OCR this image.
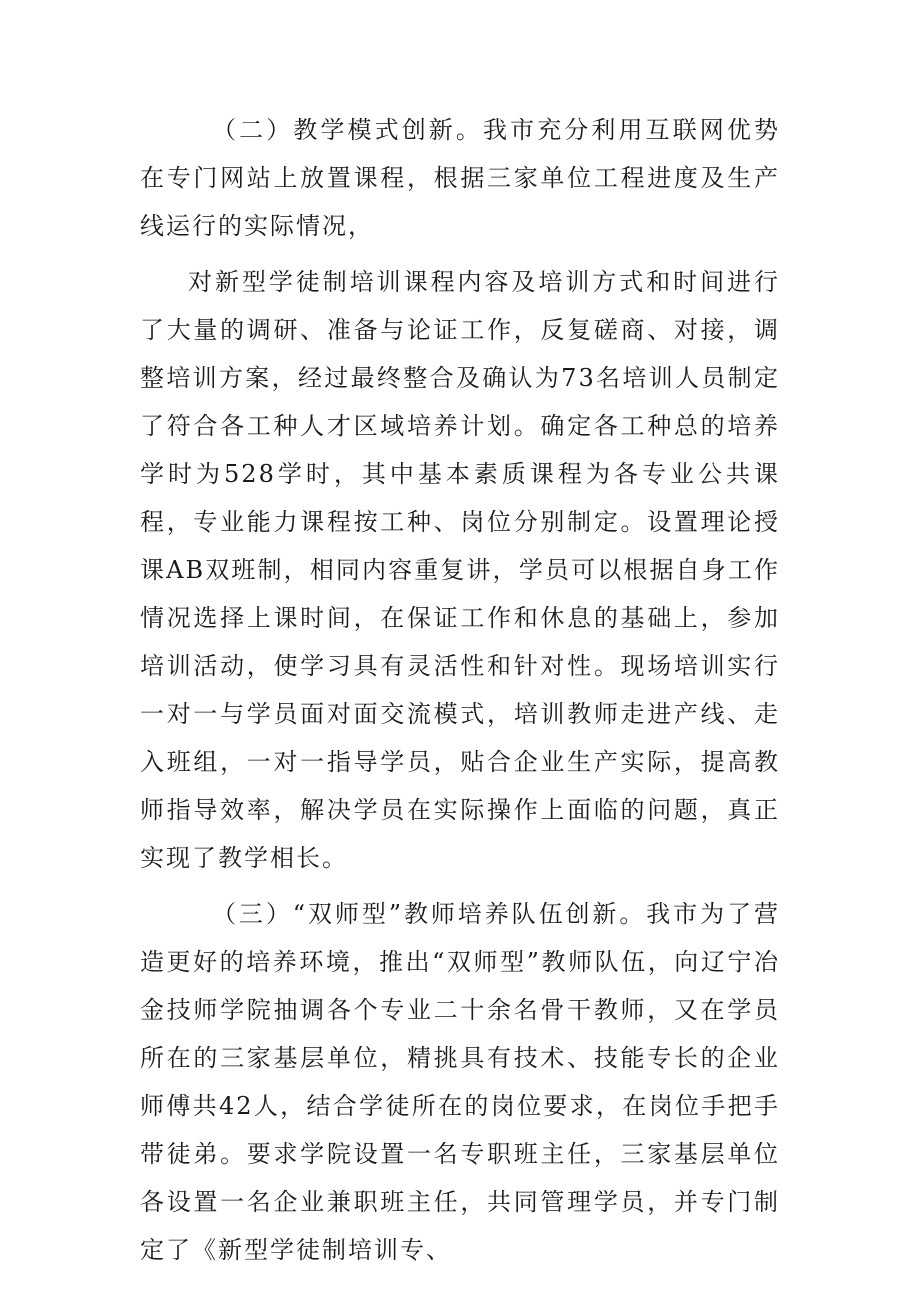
（二）教学模式创新。我市充分利用互联网优势在专门网站上放置课程，根据三家单位工程进度及生产线运行的实际情况，

对新型学徒制培训课程内容及培训方式和时间进行了大量的调研、准备与论证工作，反复磋商、对接，调整培训方案，经过最终整合及确认为73名培训人员制定了符合各工种人才区域培养计划。确定各工种总的培养学时为528学时，其中基本素质课程为各专业公共课程，专业能力课程按工种、岗位分别制定。设置理论授课AB双班制，相同内容重复讲，学员可以根据自身工作情况选择上课时间，在保证工作和休息的基础上，参加培训活动，使学习具有灵活性和针对性。现场培训实行一对一与学员面对面交流模式，培训教师走进产线、走入班组，一对一指导学员，贴合企业生产实际，提高教师指导效率，解决学员在实际操作上面临的问题，真正实现了教学相长。

（三）“双师型”教师培养队伍创新。我市为了营造更好的培养环境，推出“双师型”教师队伍，向辽宁冶金技师学院抽调各个专业二十余名骨干教师，又在学员所在的三家基层单位，精挑具有技术、技能专长的企业师傅共42人，结合学徒所在的岗位要求，在岗位手把手带徒弟。要求学院设置一名专职班主任，三家基层单位各设置一名企业兼职班主任，共同管理学员，并专门制定了《新型学徒制培训专、
